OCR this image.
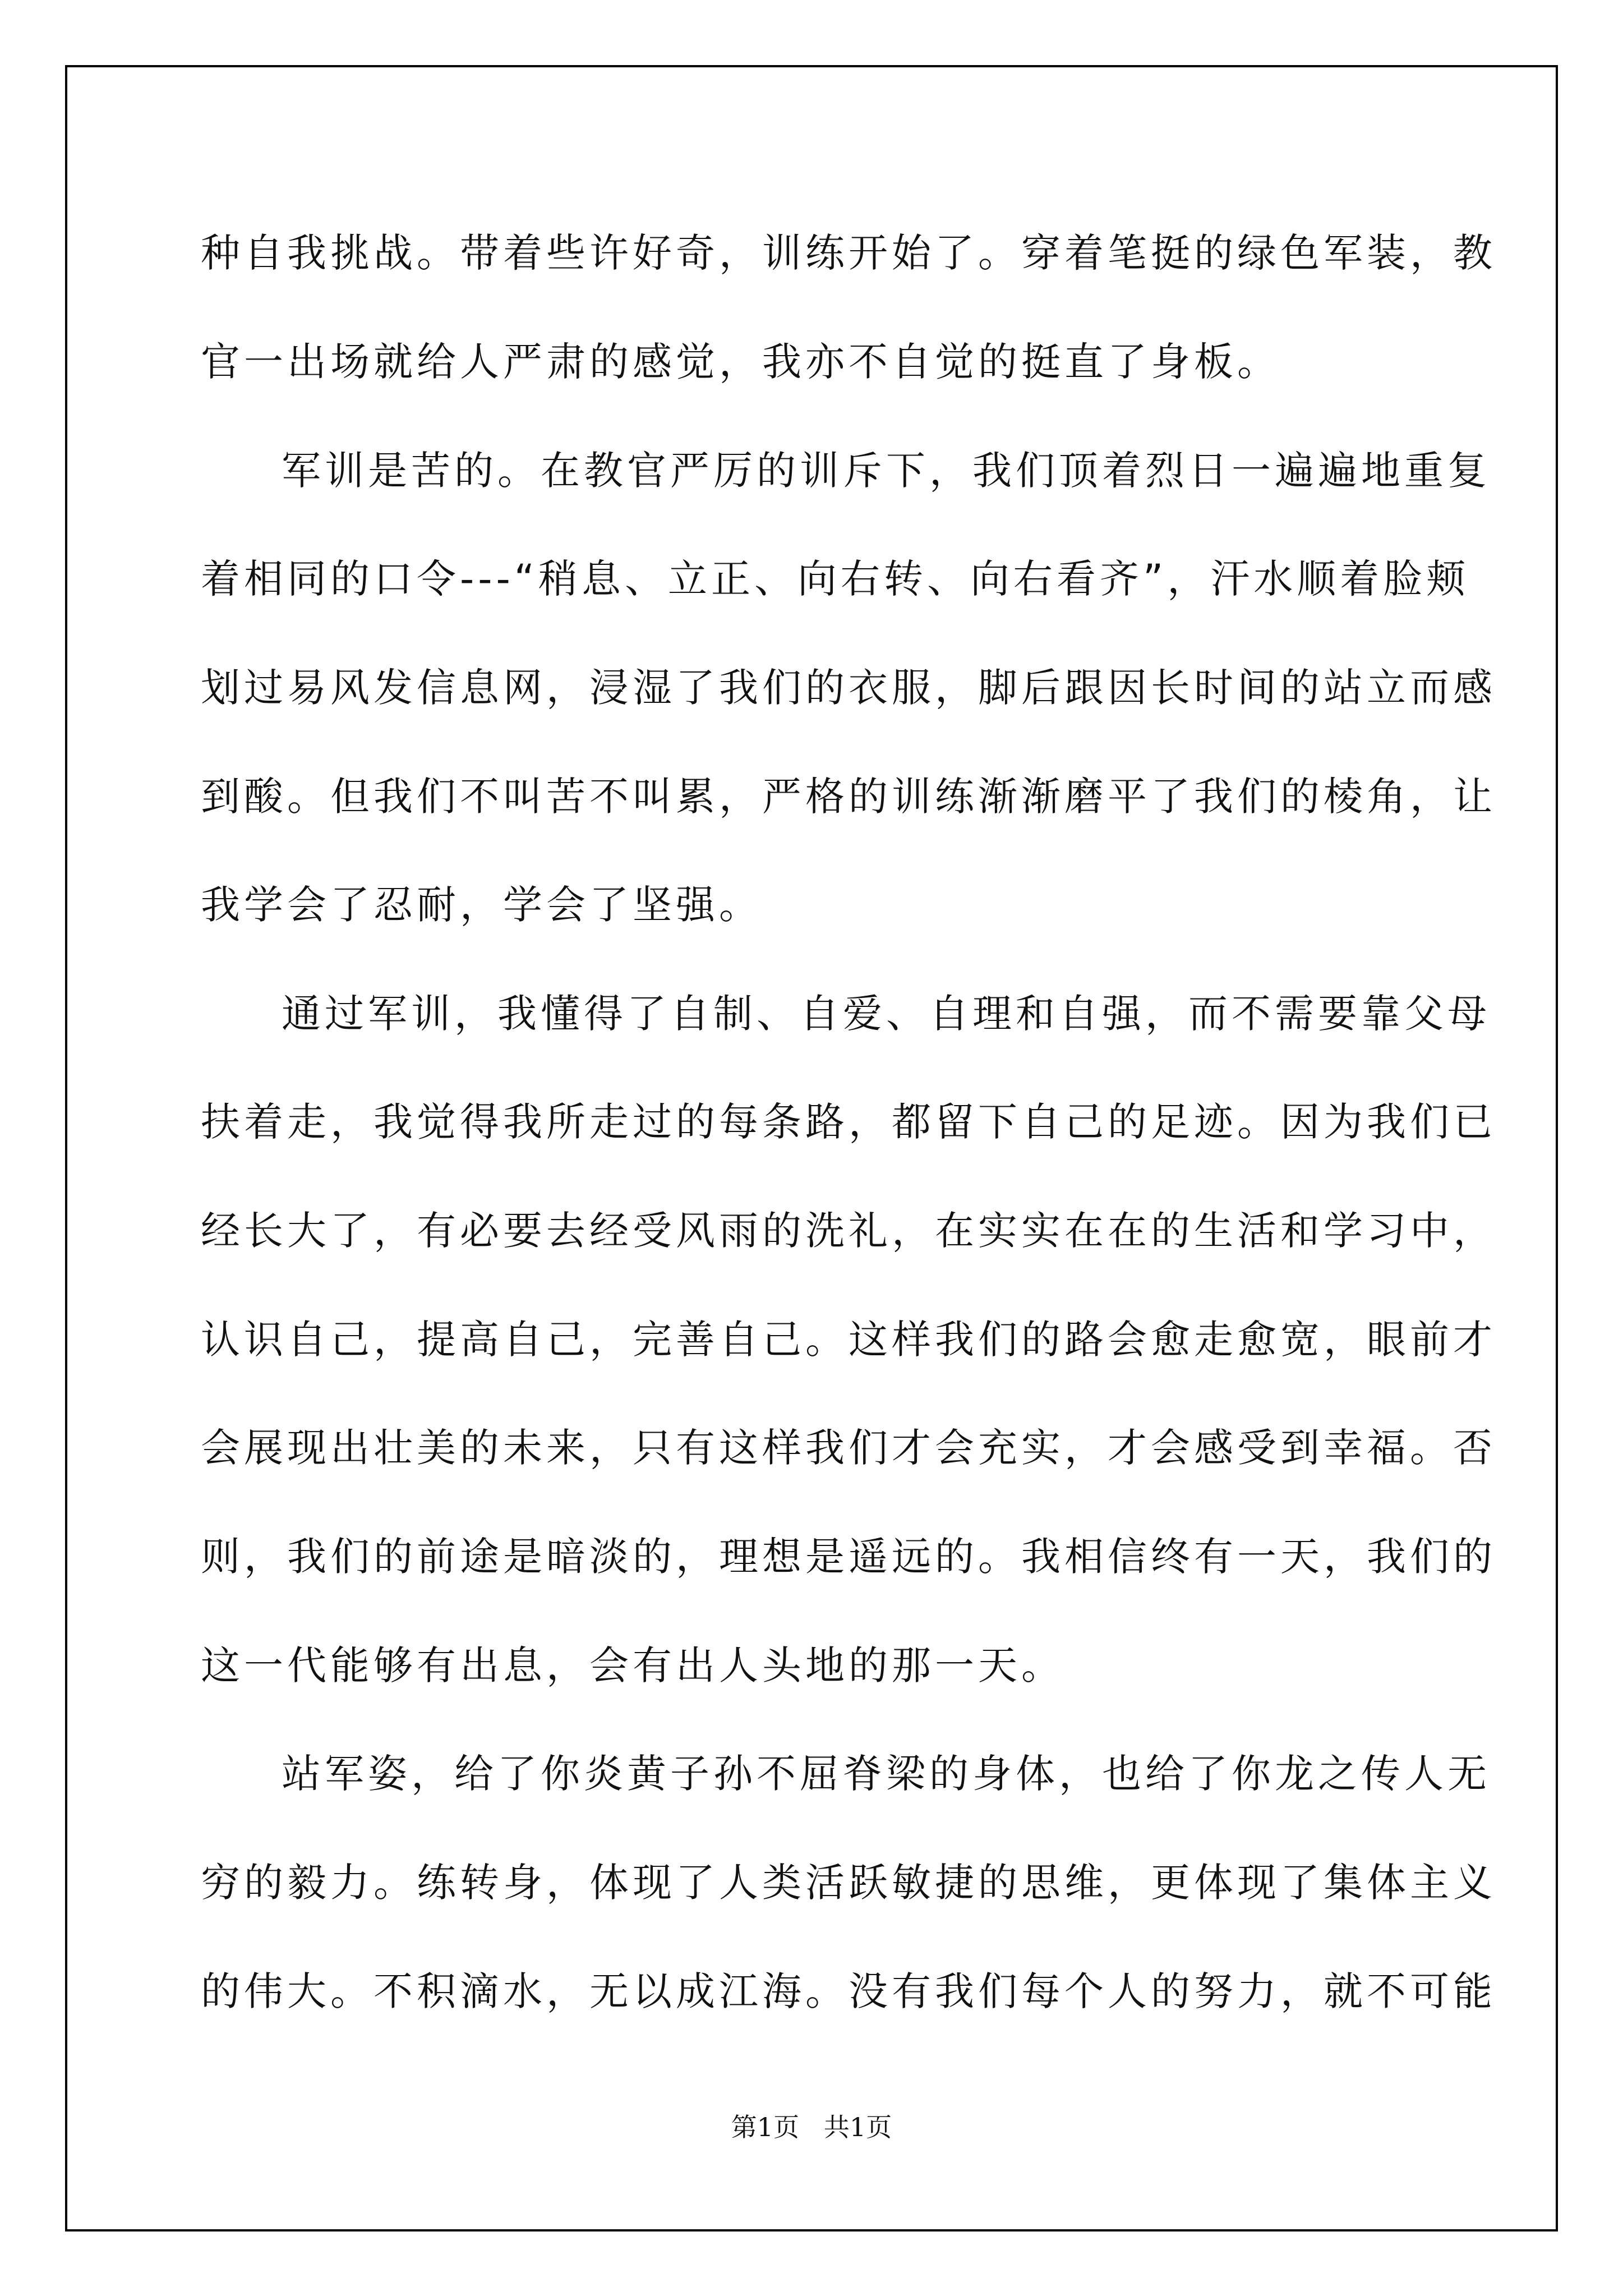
种自我挑战。带着些许好奇，训练开始了。穿着笔挺的绿色军装，教
官一出场就给人严肃的感觉，我亦不自觉的挺直了身板。
军训是苦的。在教官严厉的训斥下，我们顶着烈日一遍遍地重复
着相同的口令---“稍息、立正、向右转、向右看齐”，汗水顺着脸颊
划过易风发信息网，浸湿了我们的衣服，脚后跟因长时间的站立而感
到酸。但我们不叫苦不叫累，严格的训练渐渐磨平了我们的棱角，让
我学会了忍耐，学会了坚强。
通过军训，我懂得了自制、自爱、自理和自强，而不需要靠父母
扶着走，我觉得我所走过的每条路，都留下自己的足迹。因为我们已
经长大了，有必要去经受风雨的洗礼，在实实在在的生活和学习中，
认识自己，提高自己，完善自己。这样我们的路会愈走愈宽，眼前才
会展现出壮美的未来，只有这样我们才会充实，才会感受到幸福。否
则，我们的前途是暗淡的，理想是遥远的。我相信终有一天，我们的
这一代能够有出息，会有出人头地的那一天。
站军姿，给了你炎黄子孙不屈脊梁的身体，也给了你龙之传人无
穷的毅力。练转身，体现了人类活跃敏捷的思维，更体现了集体主义
的伟大。不积滴水，无以成江海。没有我们每个人的努力，就不可能
第1页   共1页
